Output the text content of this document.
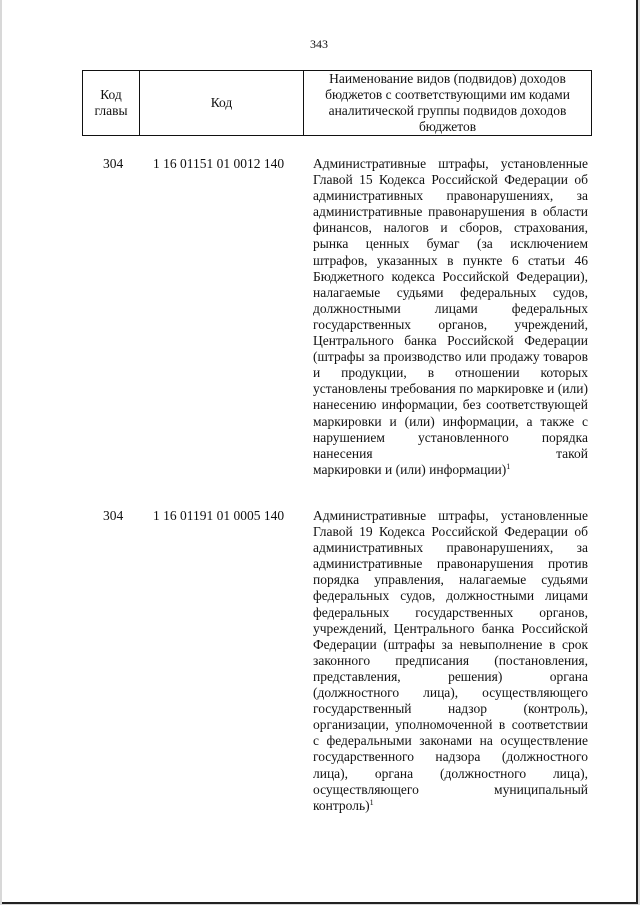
343
Код главы	Код	Наименование видов (подвидов) доходов бюджетов с соответствующими им кодами аналитической группы подвидов доходов бюджетов
304	1 16 01151 01 0012 140	Административные штрафы, установленные Главой 15 Кодекса Российской Федерации об административных правонарушениях, за административные правонарушения в области финансов, налогов и сборов, страхования, рынка ценных бумаг (за исключением штрафов, указанных в пункте 6 статьи 46 Бюджетного кодекса Российской Федерации), налагаемые судьями федеральных судов, должностными лицами федеральных государственных органов, учреждений, Центрального банка Российской Федерации (штрафы за производство или продажу товаров и продукции, в отношении которых установлены требования по маркировке и (или) нанесению информации, без соответствующей маркировки и (или) информации, а также с нарушением установленного порядка нанесения такой
маркировки и (или) информации)$^1$
304	1 16 01191 01 0005 140	Административные штрафы, установленные Главой 19 Кодекса Российской Федерации об административных правонарушениях, за административные правонарушения против порядка управления, налагаемые судьями федеральных судов, должностными лицами федеральных государственных органов, учреждений, Центрального банка Российской Федерации (штрафы за невыполнение в срок законного предписания (постановления, представления, решения) органа (должностного лица), осуществляющего государственный надзор (контроль), организации, уполномоченной в соответствии с федеральными законами на осуществление государственного надзора (должностного лица), органа (должностного лица), осуществляющего муниципальный
контроль)$^1$
